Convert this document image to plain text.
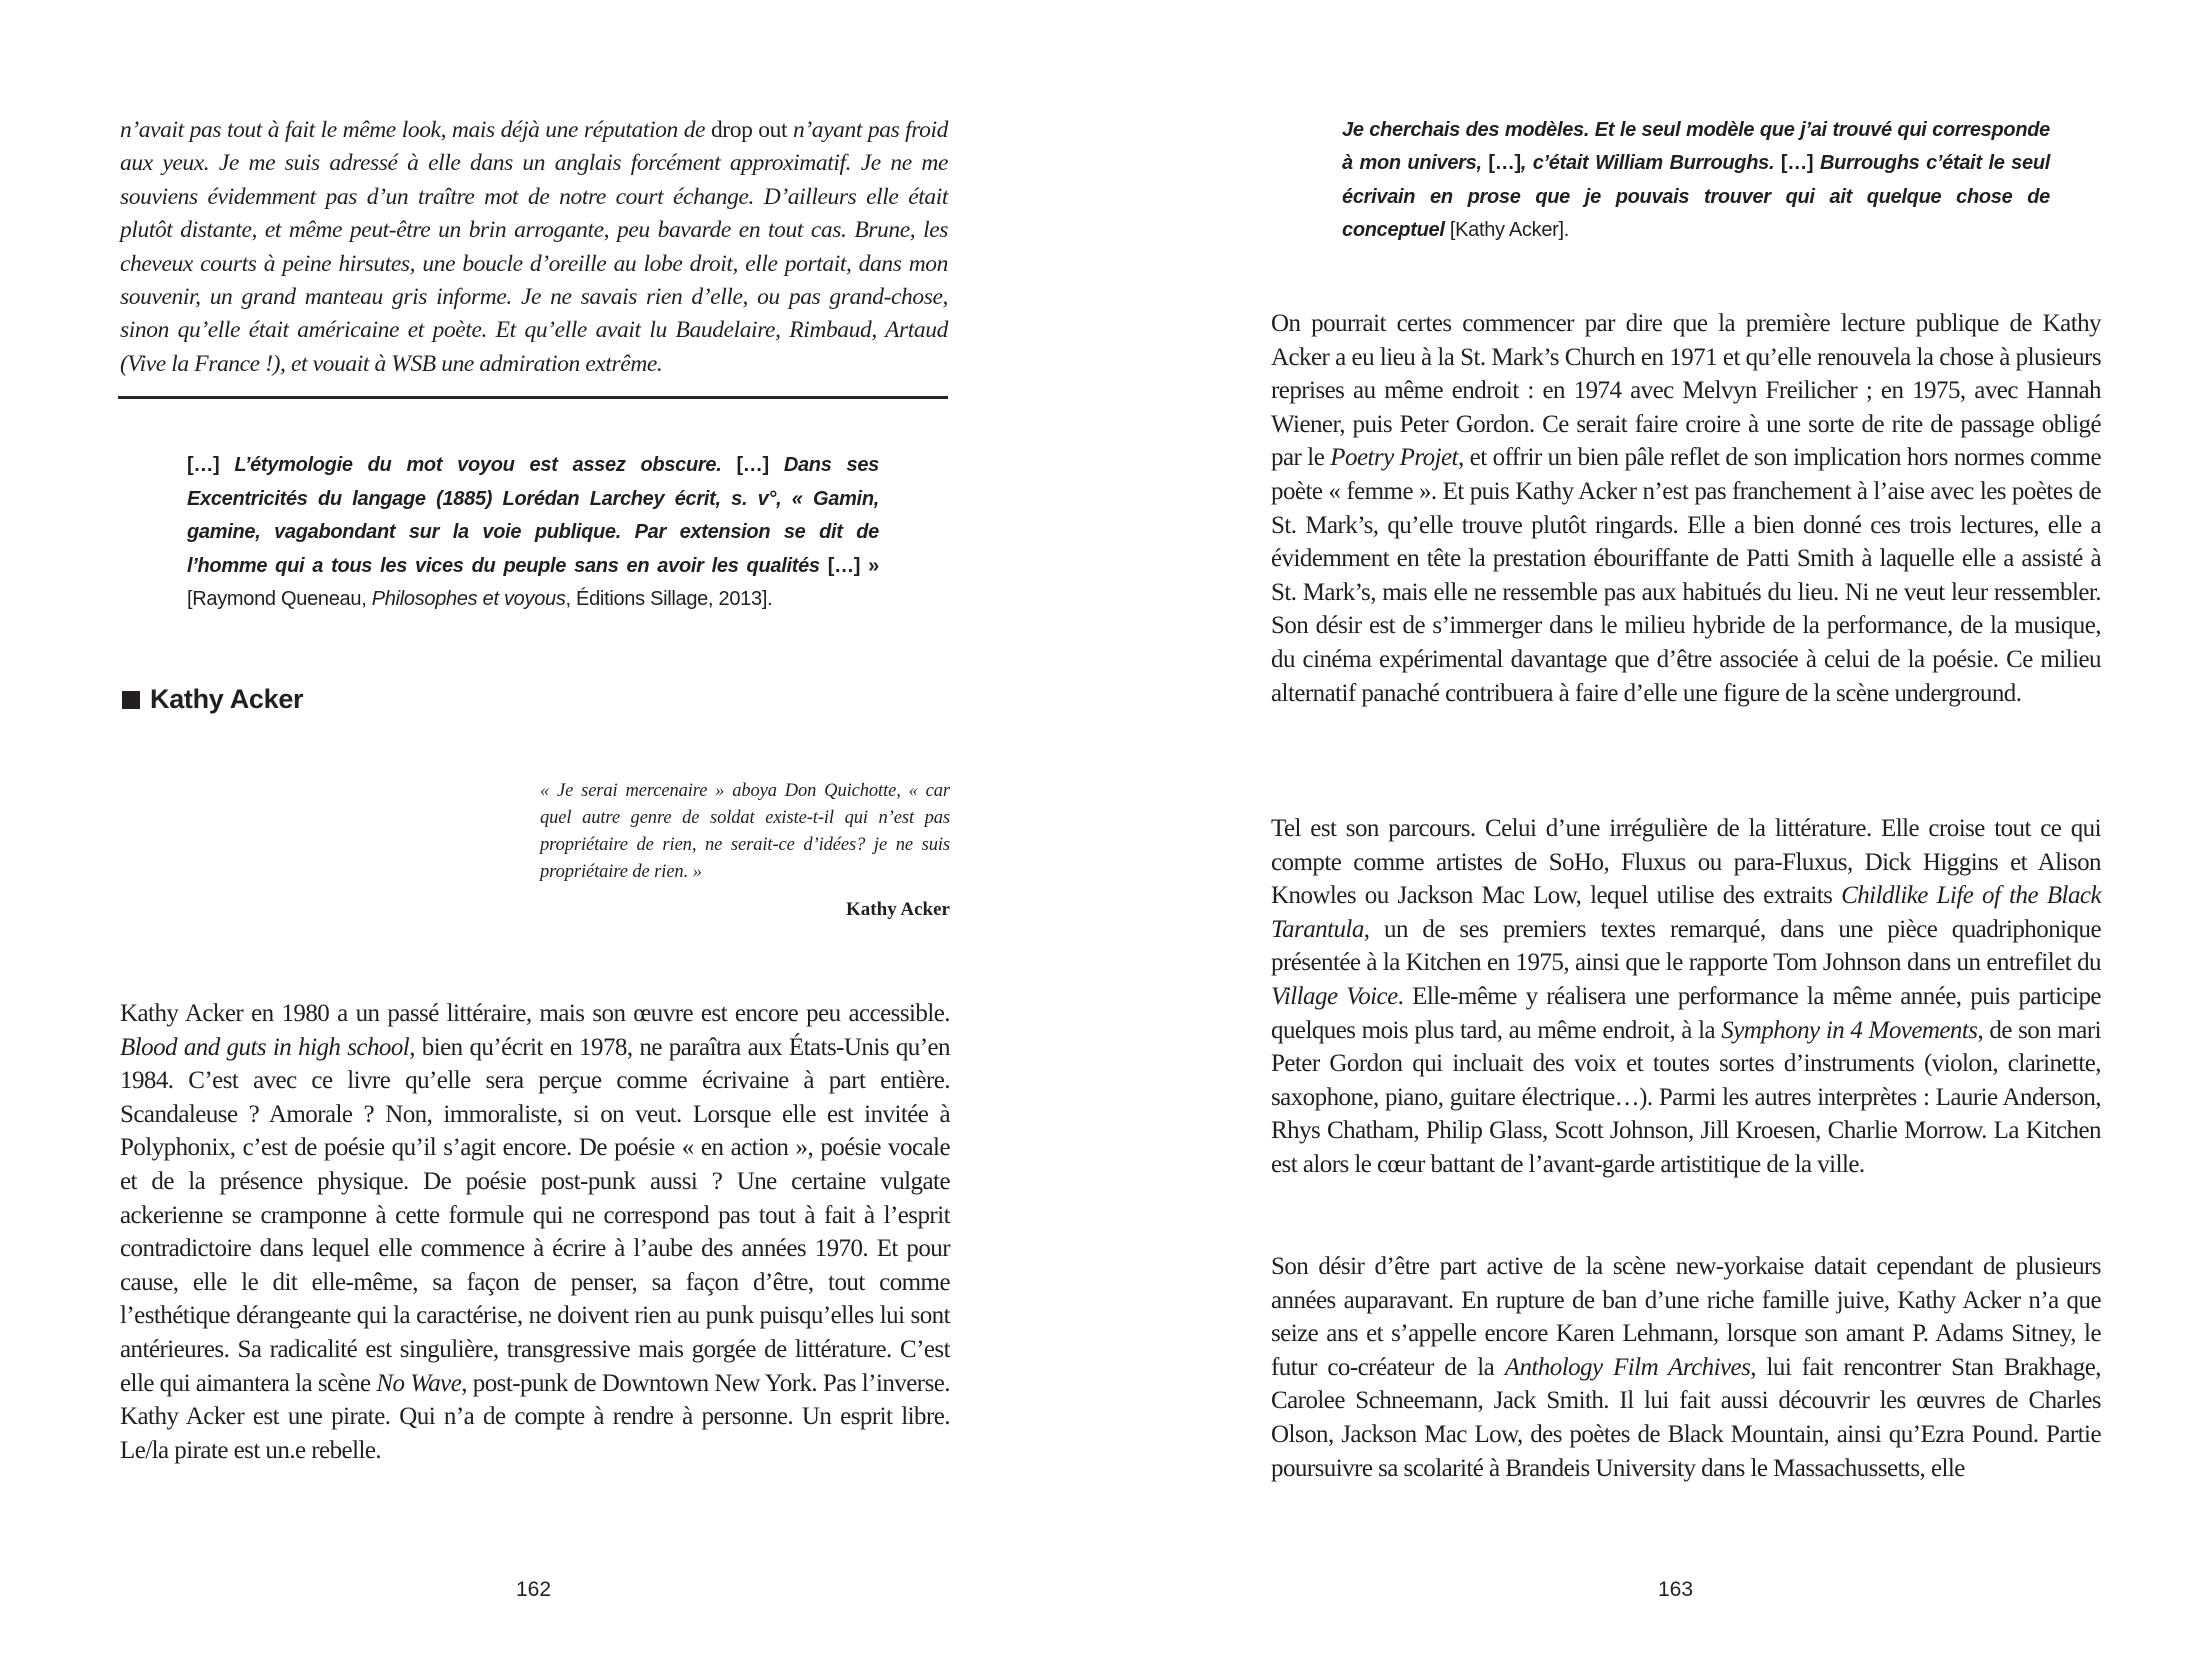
n’avait pas tout à fait le même look, mais déjà une réputation de drop out n’ayant pas froid aux yeux. Je me suis adressé à elle dans un anglais forcément approximatif. Je ne me souviens évidemment pas d’un traître mot de notre court échange. D’ailleurs elle était plutôt distante, et même peut-être un brin arrogante, peu bavarde en tout cas. Brune, les cheveux courts à peine hirsutes, une boucle d’oreille au lobe droit, elle portait, dans mon souvenir, un grand manteau gris informe. Je ne savais rien d’elle, ou pas grand-chose, sinon qu’elle était américaine et poète. Et qu’elle avait lu Baudelaire, Rimbaud, Artaud (Vive la France !), et vouait à WSB une admiration extrême.

[…] L’étymologie du mot voyou est assez obscure. […] Dans ses Excentricités du langage (1885) Lorédan Larchey écrit, s. v°, « Gamin, gamine, vagabondant sur la voie publique. Par extension se dit de l’homme qui a tous les vices du peuple sans en avoir les qualités […] » [Raymond Queneau, Philosophes et voyous, Éditions Sillage, 2013].

Kathy Acker

« Je serai mercenaire » aboya Don Quichotte, « car quel autre genre de soldat existe-t-il qui n’est pas propriétaire de rien, ne serait-ce d’idées? je ne suis propriétaire de rien. »

Kathy Acker

Kathy Acker en 1980 a un passé littéraire, mais son œuvre est encore peu accessible. Blood and guts in high school, bien qu’écrit en 1978, ne paraîtra aux États-Unis qu’en 1984. C’est avec ce livre qu’elle sera perçue comme écrivaine à part entière. Scandaleuse ? Amorale ? Non, immoraliste, si on veut. Lorsque elle est invitée à Polyphonix, c’est de poésie qu’il s’agit encore. De poésie « en action », poésie vocale et de la présence physique. De poésie post-punk aussi ? Une certaine vulgate ackerienne se cramponne à cette formule qui ne correspond pas tout à fait à l’esprit contradictoire dans lequel elle commence à écrire à l’aube des années 1970. Et pour cause, elle le dit elle-même, sa façon de penser, sa façon d’être, tout comme l’esthétique dérangeante qui la caractérise, ne doivent rien au punk puisqu’elles lui sont antérieures. Sa radicalité est singulière, transgressive mais gorgée de littérature. C’est elle qui aimantera la scène No Wave, post-punk de Downtown New York. Pas l’inverse. Kathy Acker est une pirate. Qui n’a de compte à rendre à personne. Un esprit libre. Le/la pirate est un.e rebelle.

162

Je cherchais des modèles. Et le seul modèle que j’ai trouvé qui corresponde à mon univers, […], c’était William Burroughs. […] Burroughs c’était le seul écrivain en prose que je pouvais trouver qui ait quelque chose de conceptuel [Kathy Acker].

On pourrait certes commencer par dire que la première lecture publique de Kathy Acker a eu lieu à la St. Mark’s Church en 1971 et qu’elle renouvela la chose à plusieurs reprises au même endroit : en 1974 avec Melvyn Freilicher ; en 1975, avec Hannah Wiener, puis Peter Gordon. Ce serait faire croire à une sorte de rite de passage obligé par le Poetry Projet, et offrir un bien pâle reflet de son implication hors normes comme poète « femme ». Et puis Kathy Acker n’est pas franchement à l’aise avec les poètes de St. Mark’s, qu’elle trouve plutôt ringards. Elle a bien donné ces trois lectures, elle a évidemment en tête la prestation ébouriffante de Patti Smith à laquelle elle a assisté à St. Mark’s, mais elle ne ressemble pas aux habitués du lieu. Ni ne veut leur ressembler. Son désir est de s’immerger dans le milieu hybride de la performance, de la musique, du cinéma expérimental davantage que d’être associée à celui de la poésie. Ce milieu alternatif panaché contribuera à faire d’elle une figure de la scène underground.

Tel est son parcours. Celui d’une irrégulière de la littérature. Elle croise tout ce qui compte comme artistes de SoHo, Fluxus ou para-Fluxus, Dick Higgins et Alison Knowles ou Jackson Mac Low, lequel utilise des extraits Childlike Life of the Black Tarantula, un de ses premiers textes remarqué, dans une pièce quadriphonique présentée à la Kitchen en 1975, ainsi que le rapporte Tom Johnson dans un entrefilet du Village Voice. Elle-même y réalisera une performance la même année, puis participe quelques mois plus tard, au même endroit, à la Symphony in 4 Movements, de son mari Peter Gordon qui incluait des voix et toutes sortes d’instruments (violon, clarinette, saxophone, piano, guitare électrique…). Parmi les autres interprètes : Laurie Anderson, Rhys Chatham, Philip Glass, Scott Johnson, Jill Kroesen, Charlie Morrow. La Kitchen est alors le cœur battant de l’avant-garde artistitique de la ville.

Son désir d’être part active de la scène new-yorkaise datait cependant de plusieurs années auparavant. En rupture de ban d’une riche famille juive, Kathy Acker n’a que seize ans et s’appelle encore Karen Lehmann, lorsque son amant P. Adams Sitney, le futur co-créateur de la Anthology Film Archives, lui fait rencontrer Stan Brakhage, Carolee Schneemann, Jack Smith. Il lui fait aussi découvrir les œuvres de Charles Olson, Jackson Mac Low, des poètes de Black Mountain, ainsi qu’Ezra Pound. Partie poursuivre sa scolarité à Brandeis University dans le Massachussetts, elle

163
